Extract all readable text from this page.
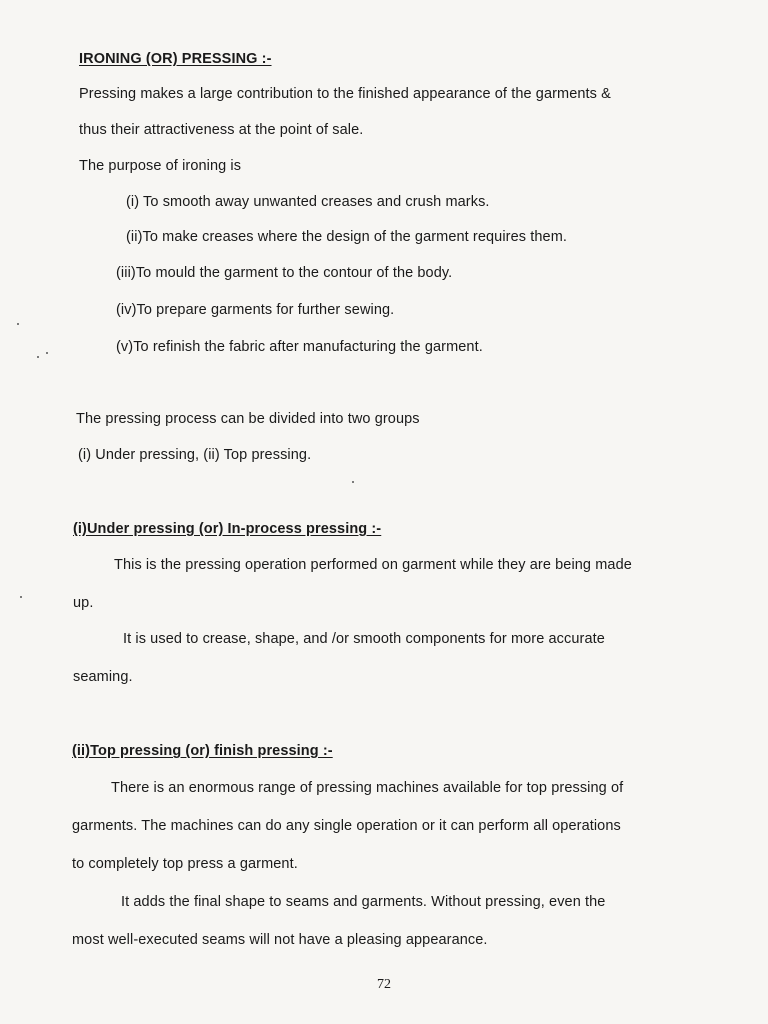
IRONING (OR) PRESSING :-
Pressing makes a large contribution to the finished appearance of the garments &
thus their attractiveness at the point of sale.
The purpose of ironing is
(i) To smooth away unwanted creases and crush marks.
(ii)To make creases where the design of the garment requires them.
(iii)To mould the garment to the contour of the body.
(iv)To prepare garments for further sewing.
(v)To refinish the fabric after manufacturing the garment.
The pressing process can be divided into two groups
(i) Under pressing, (ii) Top pressing.
(i)Under pressing (or) In-process pressing :-
This is the pressing operation performed on garment while they are being made
up.
It is used to crease, shape, and /or smooth components for more accurate
seaming.
(ii)Top pressing (or) finish pressing :-
There is an enormous range of pressing machines available for top pressing of
garments. The machines can do any single operation or it can perform all operations
to completely top press a garment.
It adds the final shape to seams and garments. Without pressing, even the
most well-executed seams will not have a pleasing appearance.
72
